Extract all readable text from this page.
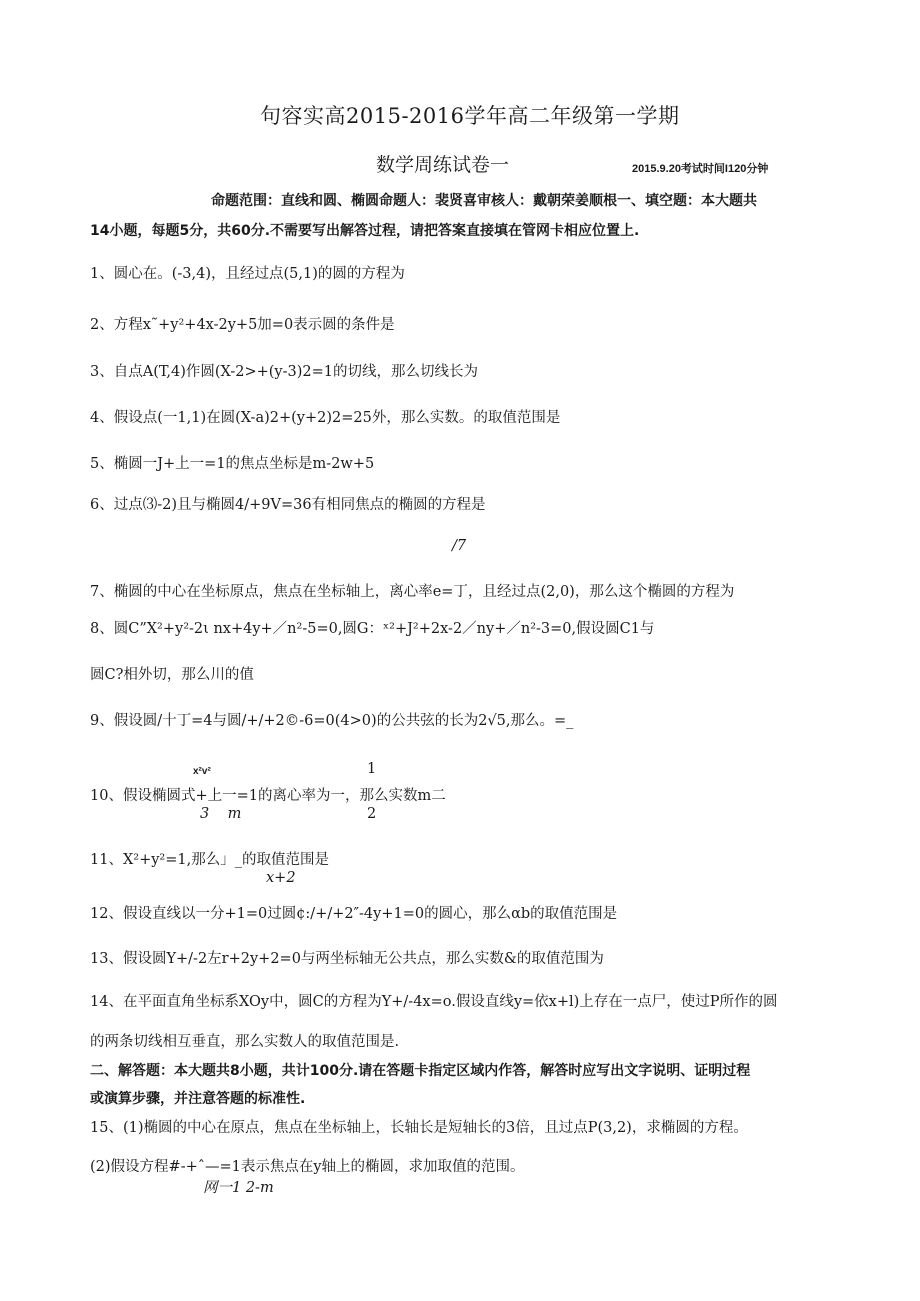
句容实高2015-2016学年高二年级第一学期
数学周练试卷一	2015.9.20考试时间I120分钟
命题范围：直线和圆、椭圆命题人：裴贤喜审核人：戴朝荣姜顺根一、填空题：本大题共
14小题，每题5分，共60分.不需要写出解答过程，请把答案直接填在管网卡相应位置上.
1、圆心在。(-3,4)，且经过点(5,1)的圆的方程为
2、方程x˜+y²+4x-2y+5加=0表示圆的条件是
3、自点A(T,4)作圆(X-2>+(y-3)2=1的切线，那么切线长为
4、假设点(一1,1)在圆(X-a)2+(y+2)2=25外，那么实数。的取值范围是
5、椭圆一J+上一=1的焦点坐标是m-2w+5
6、过点⑶-2)且与椭圆4/+9V=36有相同焦点的椭圆的方程是
/7
7、椭圆的中心在坐标原点，焦点在坐标轴上，离心率e=丁，且经过点(2,0)，那么这个椭圆的方程为
8、圆C”X²+y²-2ι nx+4y+／n²-5=0,圆G：ˣ²+J²+2x-2／ny+／n²-3=0,假设圆C1与
圆C?相外切，那么川的值
9、假设圆/十丁=4与圆/+/+2©-6=0(4>0)的公共弦的长为2√5,那么。=_
x²v²	1
10、假设椭圆式+上一=1的离心率为一，那么实数m二
3    m	2
11、X²+y²=1,那么」_的取值范围是
x+2
12、假设直线以一分+1=0过圆¢:/+/+2″-4y+1=0的圆心，那么αb的取值范围是
13、假设圆Y+/-2左r+2y+2=0与两坐标轴无公共点，那么实数&的取值范围为
14、在平面直角坐标系XOy中，圆C的方程为Y+/-4ⅹ=o.假设直线y=依ⅹ+l)上存在一点尸，使过P所作的圆
的两条切线相互垂直，那么实数人的取值范围是.
二、解答题：本大题共8小题，共计100分.请在答题卡指定区域内作答，解答时应写出文字说明、证明过程
或演算步骤，并注意答题的标准性.
15、(1)椭圆的中心在原点，焦点在坐标轴上，长轴长是短轴长的3倍，且过点P(3,2)，求椭圆的方程。
(2)假设方程#-+ˆ—=1表示焦点在y轴上的椭圆，求加取值的范围。
网一1 2-m
